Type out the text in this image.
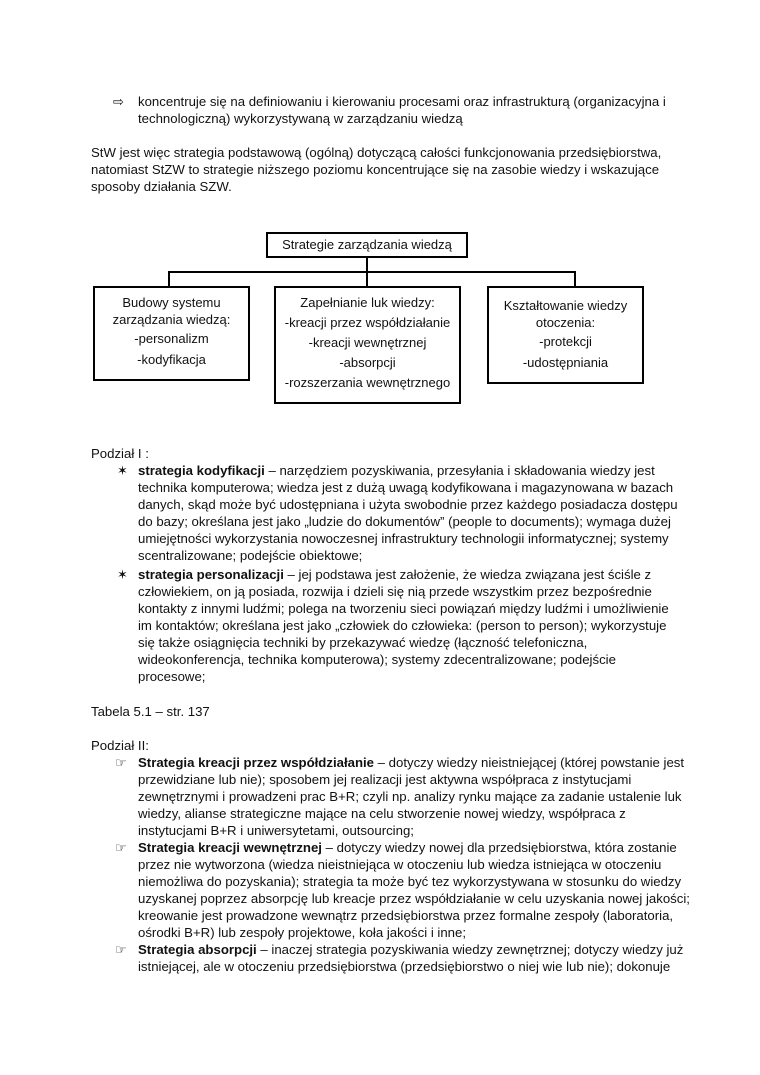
⇨ koncentruje się na definiowaniu i kierowaniu procesami oraz infrastrukturą (organizacyjna i
technologiczną) wykorzystywaną w zarządzaniu wiedzą
StW jest więc strategia podstawową (ogólną) dotyczącą całości funkcjonowania przedsiębiorstwa,
natomiast StZW to strategie niższego poziomu koncentrujące się na zasobie wiedzy i wskazujące
sposoby działania SZW.
Strategie zarządzania wiedzą
Budowy systemu
zarządzania wiedzą:
-personalizm
-kodyfikacja
Zapełnianie luk wiedzy:
-kreacji przez współdziałanie
-kreacji wewnętrznej
-absorpcji
-rozszerzania wewnętrznego
Kształtowanie wiedzy
otoczenia:
-protekcji
-udostępniania
Podział I :
✶ strategia kodyfikacji – narzędziem pozyskiwania, przesyłania i składowania wiedzy jest
technika komputerowa; wiedza jest z dużą uwagą kodyfikowana i magazynowana w bazach
danych, skąd może być udostępniana i użyta swobodnie przez każdego posiadacza dostępu
do bazy; określana jest jako „ludzie do dokumentów” (people to documents); wymaga dużej
umiejętności wykorzystania nowoczesnej infrastruktury technologii informatycznej; systemy
scentralizowane; podejście obiektowe;
✶ strategia personalizacji – jej podstawa jest założenie, że wiedza związana jest ściśle z
człowiekiem, on ją posiada, rozwija i dzieli się nią przede wszystkim przez bezpośrednie
kontakty z innymi ludźmi; polega na tworzeniu sieci powiązań między ludźmi i umożliwienie
im kontaktów; określana jest jako „człowiek do człowieka: (person to person); wykorzystuje
się także osiągnięcia techniki by przekazywać wiedzę (łączność telefoniczna,
wideokonferencja, technika komputerowa); systemy zdecentralizowane; podejście
procesowe;
Tabela 5.1 – str. 137
Podział II:
☞ Strategia kreacji przez współdziałanie – dotyczy wiedzy nieistniejącej (której powstanie jest
przewidziane lub nie); sposobem jej realizacji jest aktywna współpraca z instytucjami
zewnętrznymi i prowadzeni prac B+R; czyli np. analizy rynku mające za zadanie ustalenie luk
wiedzy, alianse strategiczne mające na celu stworzenie nowej wiedzy, współpraca z
instytucjami B+R i uniwersytetami, outsourcing;
☞ Strategia kreacji wewnętrznej – dotyczy wiedzy nowej dla przedsiębiorstwa, która zostanie
przez nie wytworzona (wiedza nieistniejąca w otoczeniu lub wiedza istniejąca w otoczeniu
niemożliwa do pozyskania); strategia ta może być tez wykorzystywana w stosunku do wiedzy
uzyskanej poprzez absorpcję lub kreacje przez współdziałanie w celu uzyskania nowej jakości;
kreowanie jest prowadzone wewnątrz przedsiębiorstwa przez formalne zespoły (laboratoria,
ośrodki B+R) lub zespoły projektowe, koła jakości i inne;
☞ Strategia absorpcji – inaczej strategia pozyskiwania wiedzy zewnętrznej; dotyczy wiedzy już
istniejącej, ale w otoczeniu przedsiębiorstwa (przedsiębiorstwo o niej wie lub nie); dokonuje
